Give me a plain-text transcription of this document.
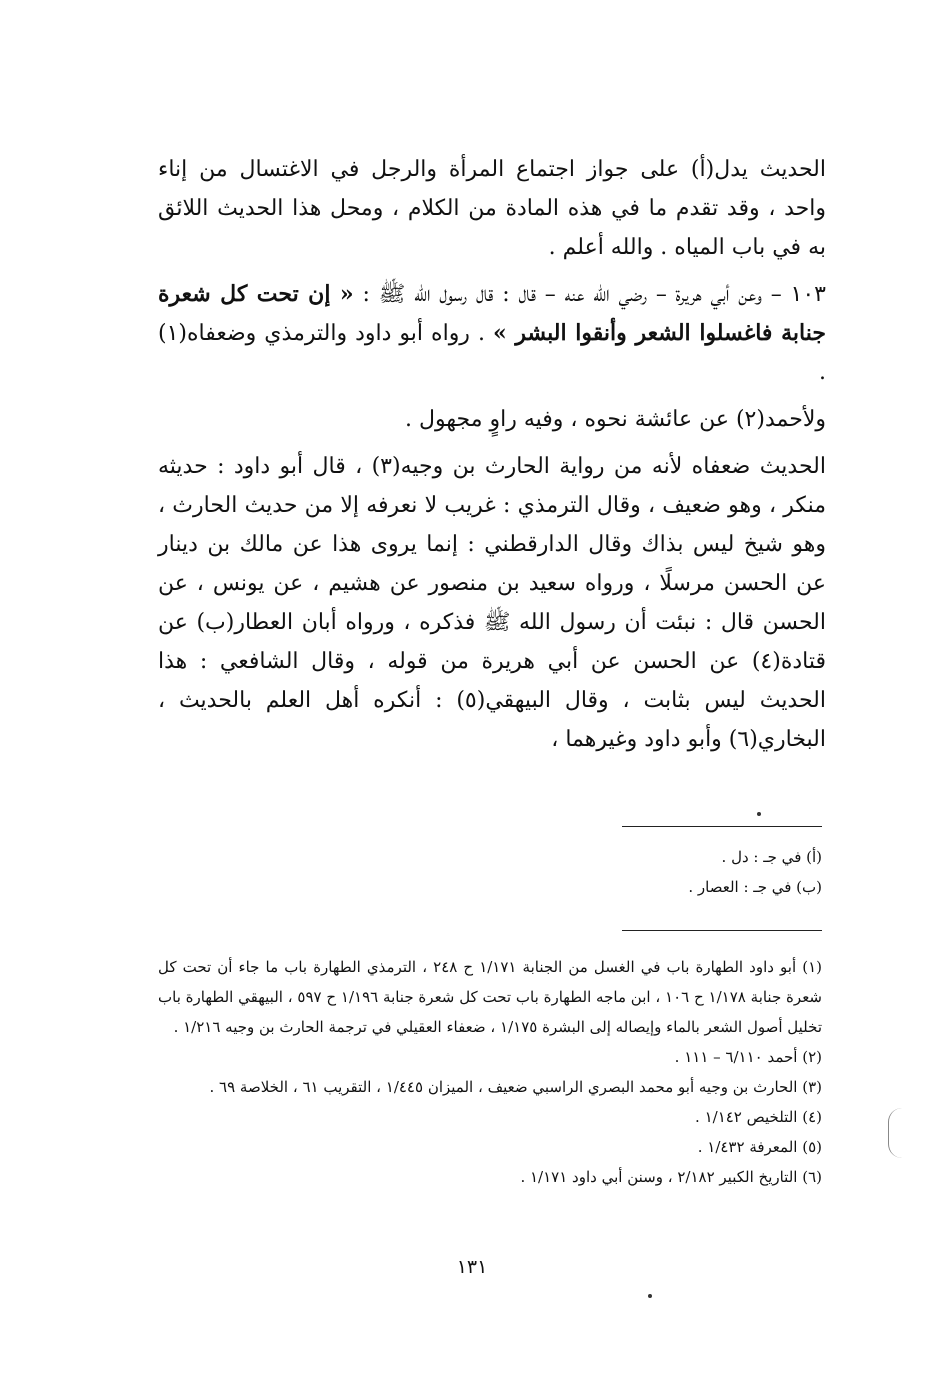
الحديث يدل(أ) على جواز اجتماع المرأة والرجل في الاغتسال من إناء واحد ، وقد تقدم ما في هذه المادة من الكلام ، ومحل هذا الحديث اللائق به في باب المياه . والله أعلم .

١٠٣ – وعن أبي هريرة – رضي الله عنه – قال : قال رسول الله ﷺ : « إن تحت كل شعرة جنابة فاغسلوا الشعر وأنقوا البشر » . رواه أبو داود والترمذي وضعفاه(١) .

ولأحمد(٢) عن عائشة نحوه ، وفيه راوٍ مجهول .

الحديث ضعفاه لأنه من رواية الحارث بن وجيه(٣) ، قال أبو داود : حديثه منكر ، وهو ضعيف ، وقال الترمذي : غريب لا نعرفه إلا من حديث الحارث ، وهو شيخ ليس بذاك وقال الدارقطني : إنما يروى هذا عن مالك بن دينار عن الحسن مرسلًا ، ورواه سعيد بن منصور عن هشيم ، عن يونس ، عن الحسن قال : نبئت أن رسول الله ﷺ فذكره ، ورواه أبان العطار(ب) عن قتادة(٤) عن الحسن عن أبي هريرة من قوله ، وقال الشافعي : هذا الحديث ليس بثابت ، وقال البيهقي(٥) : أنكره أهل العلم بالحديث ، البخاري(٦) وأبو داود وغيرهما ،

(أ) في جـ : دل .

(ب) في جـ : العصار .

(١) أبو داود الطهارة باب في الغسل من الجنابة ١/١٧١ ح ٢٤٨ ، الترمذي الطهارة باب ما جاء أن تحت كل شعرة جنابة ١/١٧٨ ح ١٠٦ ، ابن ماجه الطهارة باب تحت كل شعرة جنابة ١/١٩٦ ح ٥٩٧ ، البيهقي الطهارة باب تخليل أصول الشعر بالماء وإيصاله إلى البشرة ١/١٧٥ ، ضعفاء العقيلي في ترجمة الحارث بن وجيه ١/٢١٦ .

(٢) أحمد ٦/١١٠ – ١١١ .

(٣) الحارث بن وجيه أبو محمد البصري الراسبي ضعيف ، الميزان ١/٤٤٥ ، التقريب ٦١ ، الخلاصة ٦٩ .

(٤) التلخيص ١/١٤٢ .

(٥) المعرفة ١/٤٣٢ .

(٦) التاريخ الكبير ٢/١٨٢ ، وسنن أبي داود ١/١٧١ .

١٣١
